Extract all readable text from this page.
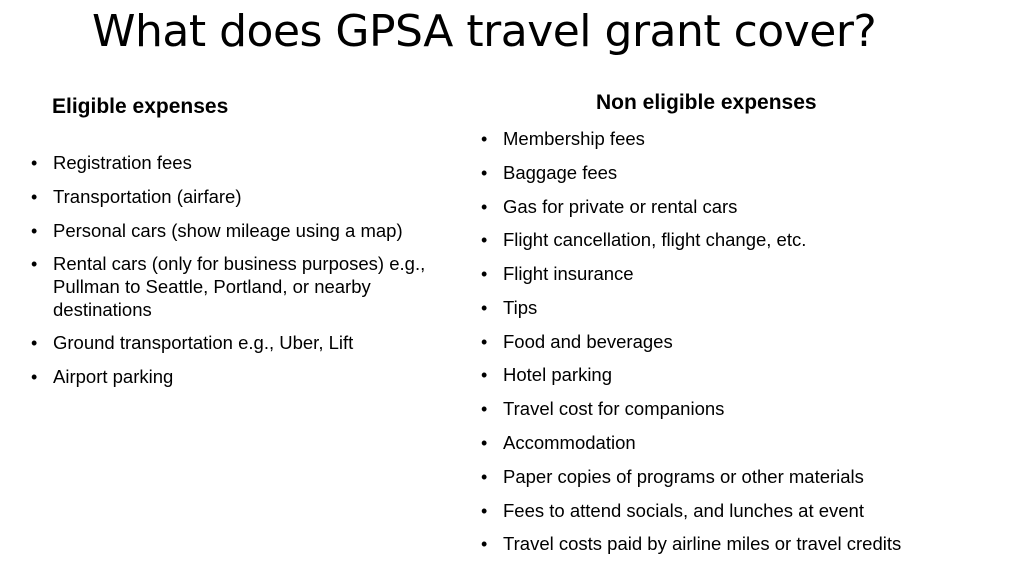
What does GPSA travel grant cover?
Eligible expenses
• Registration fees
• Transportation (airfare)
• Personal cars (show mileage using a map)
• Rental cars (only for business purposes) e.g., Pullman to Seattle, Portland, or nearby destinations
• Ground transportation e.g., Uber, Lift
• Airport parking
Non eligible expenses
• Membership fees
• Baggage fees
• Gas for private or rental cars
• Flight cancellation, flight change, etc.
• Flight insurance
• Tips
• Food and beverages
• Hotel parking
• Travel cost for companions
• Accommodation
• Paper copies of programs or other materials
• Fees to attend socials, and lunches at event
• Travel costs paid by airline miles or travel credits
